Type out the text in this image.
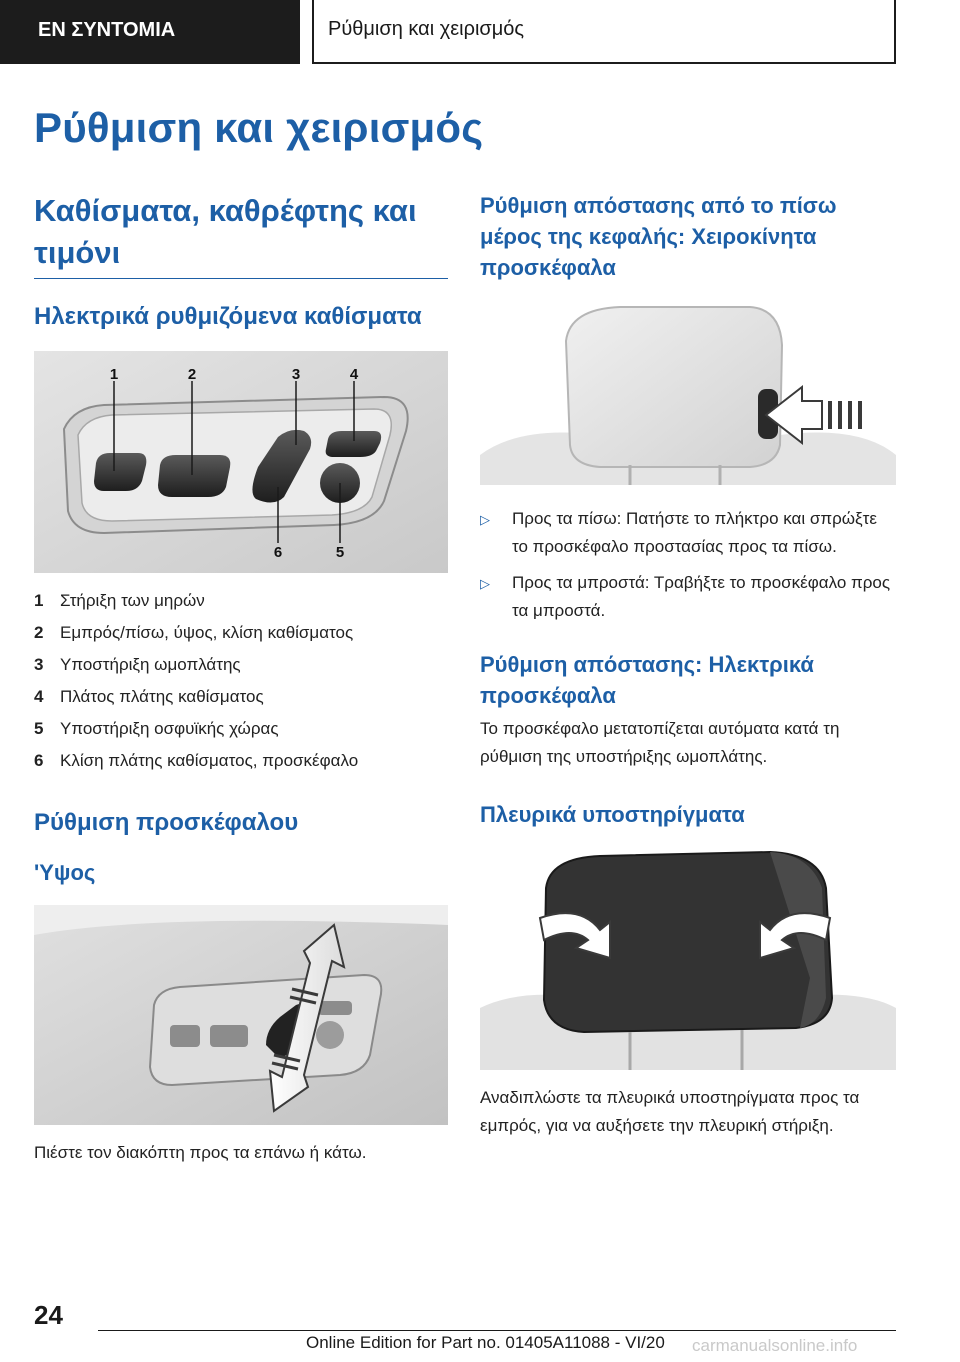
ΕΝ ΣΥΝΤΟΜΙΑ	Ρύθμιση και χειρισμός
Ρύθμιση και χειρισμός
Καθίσματα, καθρέφτης και τιμόνι
Ηλεκτρικά ρυθμιζόμενα καθίσματα
1	2	3	4
6	5
1 Στήριξη των μηρών
2 Εμπρός/πίσω, ύψος, κλίση καθίσματος
3 Υποστήριξη ωμοπλάτης
4 Πλάτος πλάτης καθίσματος
5 Υποστήριξη οσφυϊκής χώρας
6 Κλίση πλάτης καθίσματος, προσκέφαλο
Ρύθμιση προσκέφαλου
'Υψος
Πιέστε τον διακόπτη προς τα επάνω ή κάτω.
Ρύθμιση απόστασης από το πίσω μέρος της κεφαλής: Χειροκίνητα προσκέφαλα
▷	Προς τα πίσω: Πατήστε το πλήκτρο και σπρώξτε το προσκέφαλο προστασίας προς τα πίσω.
▷	Προς τα μπροστά: Τραβήξτε το προσκέφαλο προς τα μπροστά.
Ρύθμιση απόστασης: Ηλεκτρικά προσκέφαλα
Το προσκέφαλο μετατοπίζεται αυτόματα κατά τη ρύθμιση της υποστήριξης ωμοπλάτης.
Πλευρικά υποστηρίγματα
Αναδιπλώστε τα πλευρικά υποστηρίγματα προς τα εμπρός, για να αυξήσετε την πλευρική στήριξη.
24
Online Edition for Part no. 01405A11088 - VI/20	carmanualsonline.info
